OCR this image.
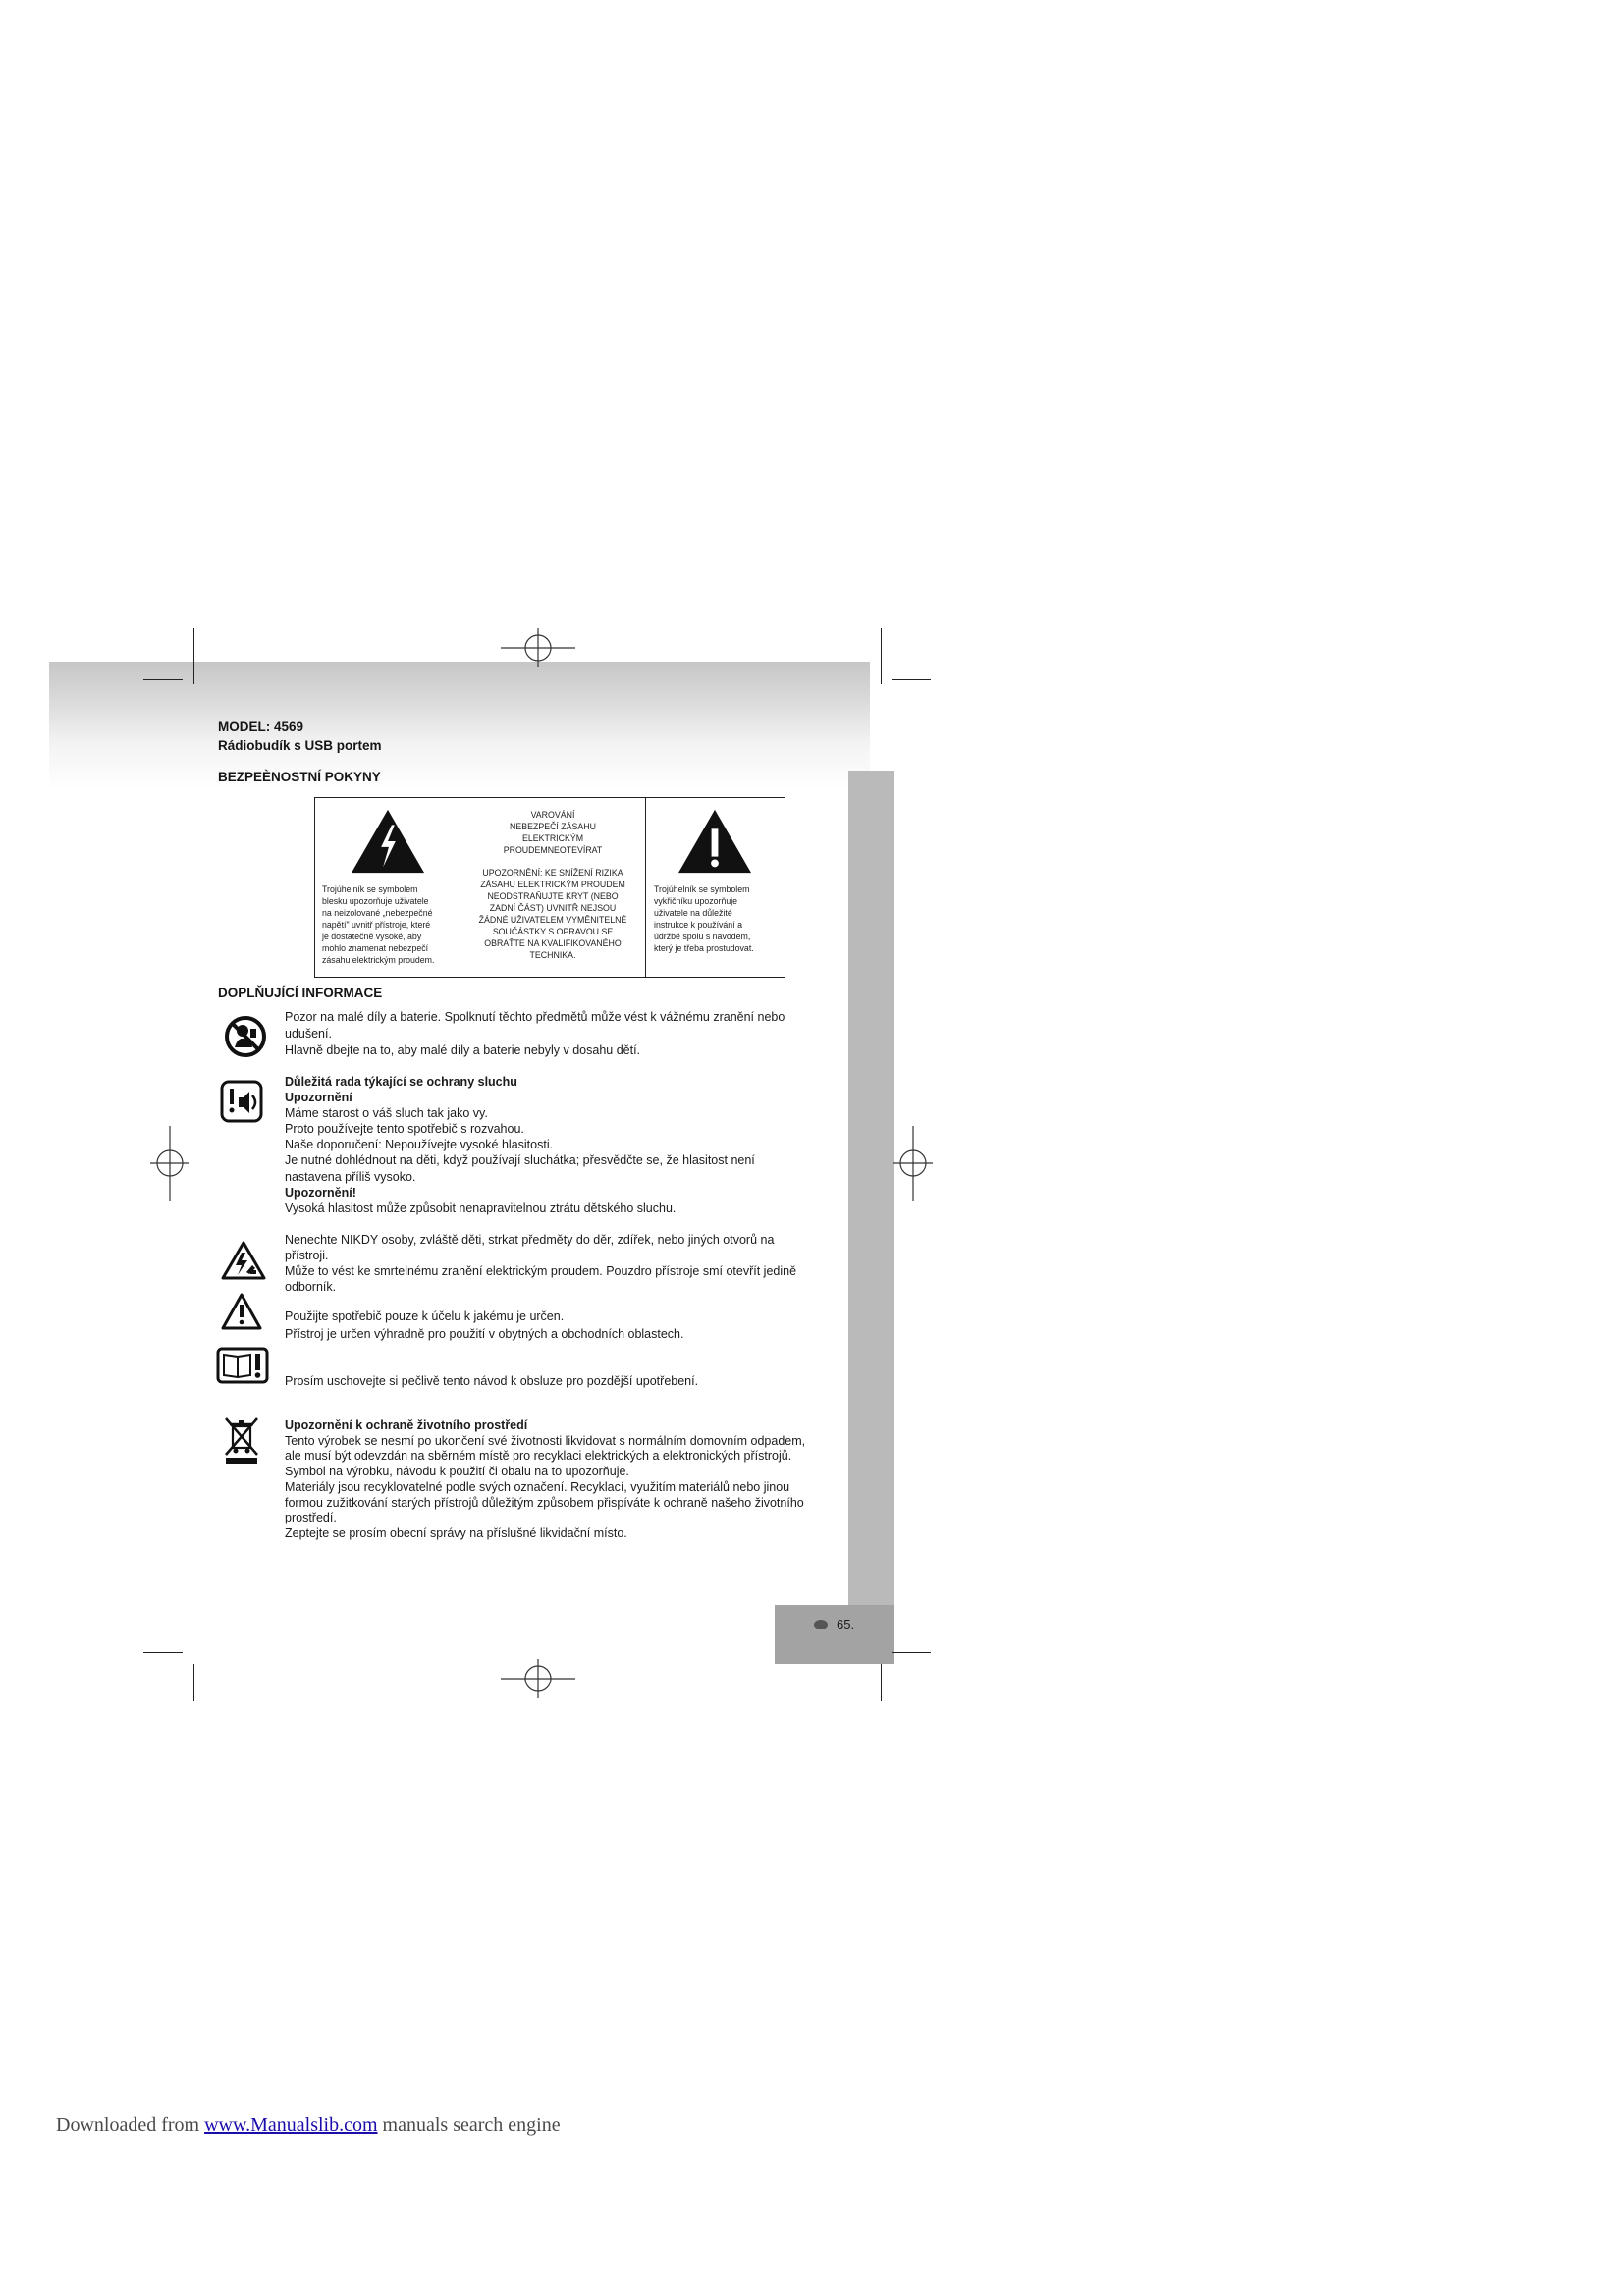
MODEL: 4569
Rádiobudík s USB portem
BEZPEÈNOSTNÍ POKYNY
Trojúhelník se symbolem
blesku upozorňuje uživatele
na neizolované „nebezpečné
napětí" uvnitř přístroje, které
je dostatečně vysoké, aby
mohlo znamenat nebezpečí
zásahu elektrickým proudem.
VAROVÁNÍ
NEBEZPEČÍ ZÁSAHU
ELEKTRICKÝM
PROUDEMNEOTEVÍRAT
UPOZORNĚNÍ: KE SNÍŽENÍ RIZIKA
ZÁSAHU ELEKTRICKÝM PROUDEM
NEODSTRAŇUJTE KRYT (NEBO
ZADNÍ ČÁST) UVNITŘ NEJSOU
ŽÁDNÉ UŽIVATELEM VYMĚNITELNÉ
SOUČÁSTKY S OPRAVOU SE
OBRAŤTE NA KVALIFIKOVANÉHO
TECHNIKA.
Trojúhelník se symbolem
vykřičníku upozorňuje
uživatele na důležité
instrukce k používání a
údržbě spolu s navodem,
který je třeba prostudovat.
DOPLŇUJÍCÍ INFORMACE
Pozor na malé díly a baterie. Spolknutí těchto předmětů může vést k vážnému zranění nebo
udušení.
Hlavně dbejte na to, aby malé díly a baterie nebyly v dosahu dětí.
Důležitá rada týkající se ochrany sluchu
Upozornění
Máme starost o váš sluch tak jako vy.
Proto používejte tento spotřebič s rozvahou.
Naše doporučení: Nepoužívejte vysoké hlasitosti.
Je nutné dohlédnout na děti, když používají sluchátka; přesvědčte se, že hlasitost není
nastavena příliš vysoko.
Upozornění!
Vysoká hlasitost může způsobit nenapravitelnou ztrátu dětského sluchu.
Nenechte NIKDY osoby, zvláště děti, strkat předměty do děr, zdířek, nebo jiných otvorů na
přístroji.
Může to vést ke smrtelnému zranění elektrickým proudem. Pouzdro přístroje smí otevřít jedině
odborník.
Použijte spotřebič pouze k účelu k jakému je určen.
Přístroj je určen výhradně pro použití v obytných a obchodních oblastech.
Prosím uschovejte si pečlivě tento návod k obsluze pro pozdější upotřebení.
Upozornění k ochraně životního prostředí
Tento výrobek se nesmí po ukončení své životnosti likvidovat s normálním domovním odpadem,
ale musí být odevzdán na sběrném místě pro recyklaci elektrických a elektronických přístrojů.
Symbol na výrobku, návodu k použití či obalu na to upozorňuje.
Materiály jsou recyklovatelné podle svých označení. Recyklací, využitím materiálů nebo jinou
formou zužitkování starých přístrojů důležitým způsobem přispíváte k ochraně našeho životního
prostředí.
Zeptejte se prosím obecní správy na příslušné likvidační místo.
65.
Downloaded from www.Manualslib.com manuals search engine
